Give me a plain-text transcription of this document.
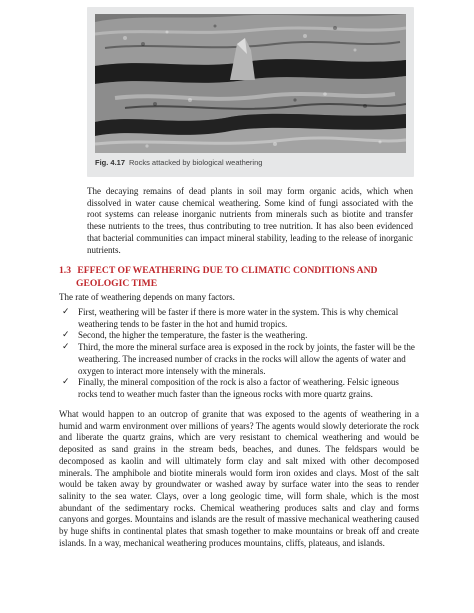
Fig. 4.17 Rocks attacked by biological weathering

The decaying remains of dead plants in soil may form organic acids, which when dissolved in water cause chemical weathering. Some kind of fungi associated with the root systems can release inorganic nutrients from minerals such as biotite and transfer these nutrients to the trees, thus contributing to tree nutrition. It has also been evidenced that bacterial communities can impact mineral stability, leading to the release of inorganic nutrients.

1.3 EFFECT OF WEATHERING DUE TO CLIMATIC CONDITIONS AND
GEOLOGIC TIME

The rate of weathering depends on many factors.

✓ First, weathering will be faster if there is more water in the system. This is why chemical weathering tends to be faster in the hot and humid tropics.
✓ Second, the higher the temperature, the faster is the weathering.
✓ Third, the more the mineral surface area is exposed in the rock by joints, the faster will be the weathering. The increased number of cracks in the rocks will allow the agents of water and oxygen to interact more intensely with the minerals.
✓ Finally, the mineral composition of the rock is also a factor of weathering. Felsic igneous rocks tend to weather much faster than the igneous rocks with more quartz grains.

What would happen to an outcrop of granite that was exposed to the agents of weathering in a humid and warm environment over millions of years? The agents would slowly deteriorate the rock and liberate the quartz grains, which are very resistant to chemical weathering and would be deposited as sand grains in the stream beds, beaches, and dunes. The feldspars would be decomposed as kaolin and will ultimately form clay and salt mixed with other decomposed minerals. The amphibole and biotite minerals would form iron oxides and clays. Most of the salt would be taken away by groundwater or washed away by surface water into the seas to render salinity to the sea water. Clays, over a long geologic time, will form shale, which is the most abundant of the sedimentary rocks. Chemical weathering produces salts and clay and forms canyons and gorges. Mountains and islands are the result of massive mechanical weathering caused by huge shifts in continental plates that smash together to make mountains or break off and create islands. In a way, mechanical weathering produces mountains, cliffs, plateaus, and islands.
